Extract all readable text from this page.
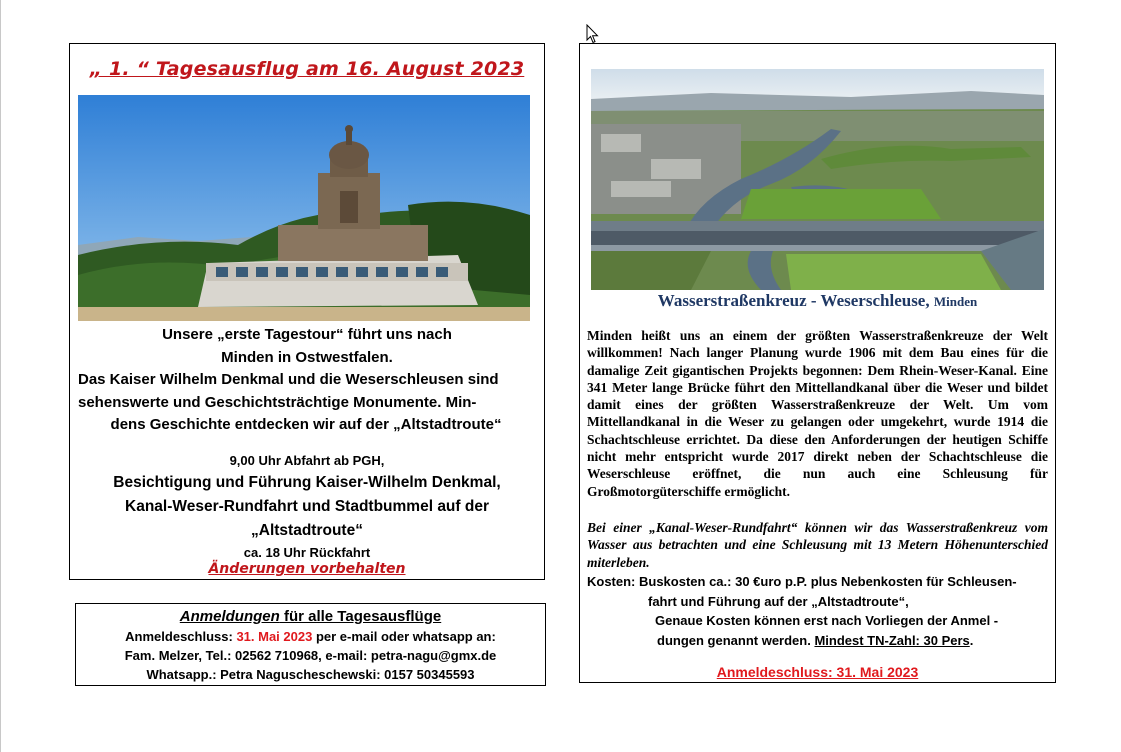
„ 1. “ Tagesausflug am 16. August 2023
Unsere „erste Tagestour“ führt uns nach
Minden in Ostwestfalen.
Das Kaiser Wilhelm Denkmal und die Weserschleusen sind
sehenswerte und Geschichtsträchtige Monumente. Min-
dens Geschichte entdecken wir auf der „Altstadtroute“
9,00 Uhr Abfahrt ab PGH,
Besichtigung und Führung Kaiser-Wilhelm Denkmal,
Kanal-Weser-Rundfahrt und Stadtbummel auf der
„Altstadtroute“
ca. 18 Uhr Rückfahrt
Änderungen vorbehalten
Anmeldungen für alle Tagesausflüge
Anmeldeschluss: 31. Mai 2023 per e-mail oder whatsapp an:
Fam. Melzer, Tel.: 02562 710968, e-mail: petra-nagu@gmx.de
Whatsapp.: Petra Naguscheschewski: 0157 50345593
Wasserstraßenkreuz - Weserschleuse, Minden
Minden heißt uns an einem der größten Wasserstraßenkreuze der Welt willkommen! Nach langer Planung wurde 1906 mit dem Bau eines für die damalige Zeit gigantischen Projekts begonnen: Dem Rhein-Weser-Kanal. Eine 341 Meter lange Brücke führt den Mittellandkanal über die Weser und bildet damit eines der größten Wasserstraßenkreuze der Welt. Um vom Mittellandkanal in die Weser zu gelangen oder umgekehrt, wurde 1914 die Schachtschleuse errichtet. Da diese den Anforderungen der heutigen Schiffe nicht mehr entspricht wurde 2017 direkt neben der Schachtschleuse die Weserschleuse eröffnet, die nun auch eine Schleusung für Großmotorgüterschiffe ermöglicht.
Bei einer „Kanal-Weser-Rundfahrt“ können wir das Wasserstraßenkreuz vom Wasser aus betrachten und eine Schleusung mit 13 Metern Höhenunterschied miterleben.
Kosten: Buskosten ca.: 30 €uro p.P. plus Nebenkosten für Schleusen-
fahrt und Führung auf der „Altstadtroute“,
Genaue Kosten können erst nach Vorliegen der Anmel -
dungen genannt werden. Mindest TN-Zahl: 30 Pers.
Anmeldeschluss: 31. Mai 2023
